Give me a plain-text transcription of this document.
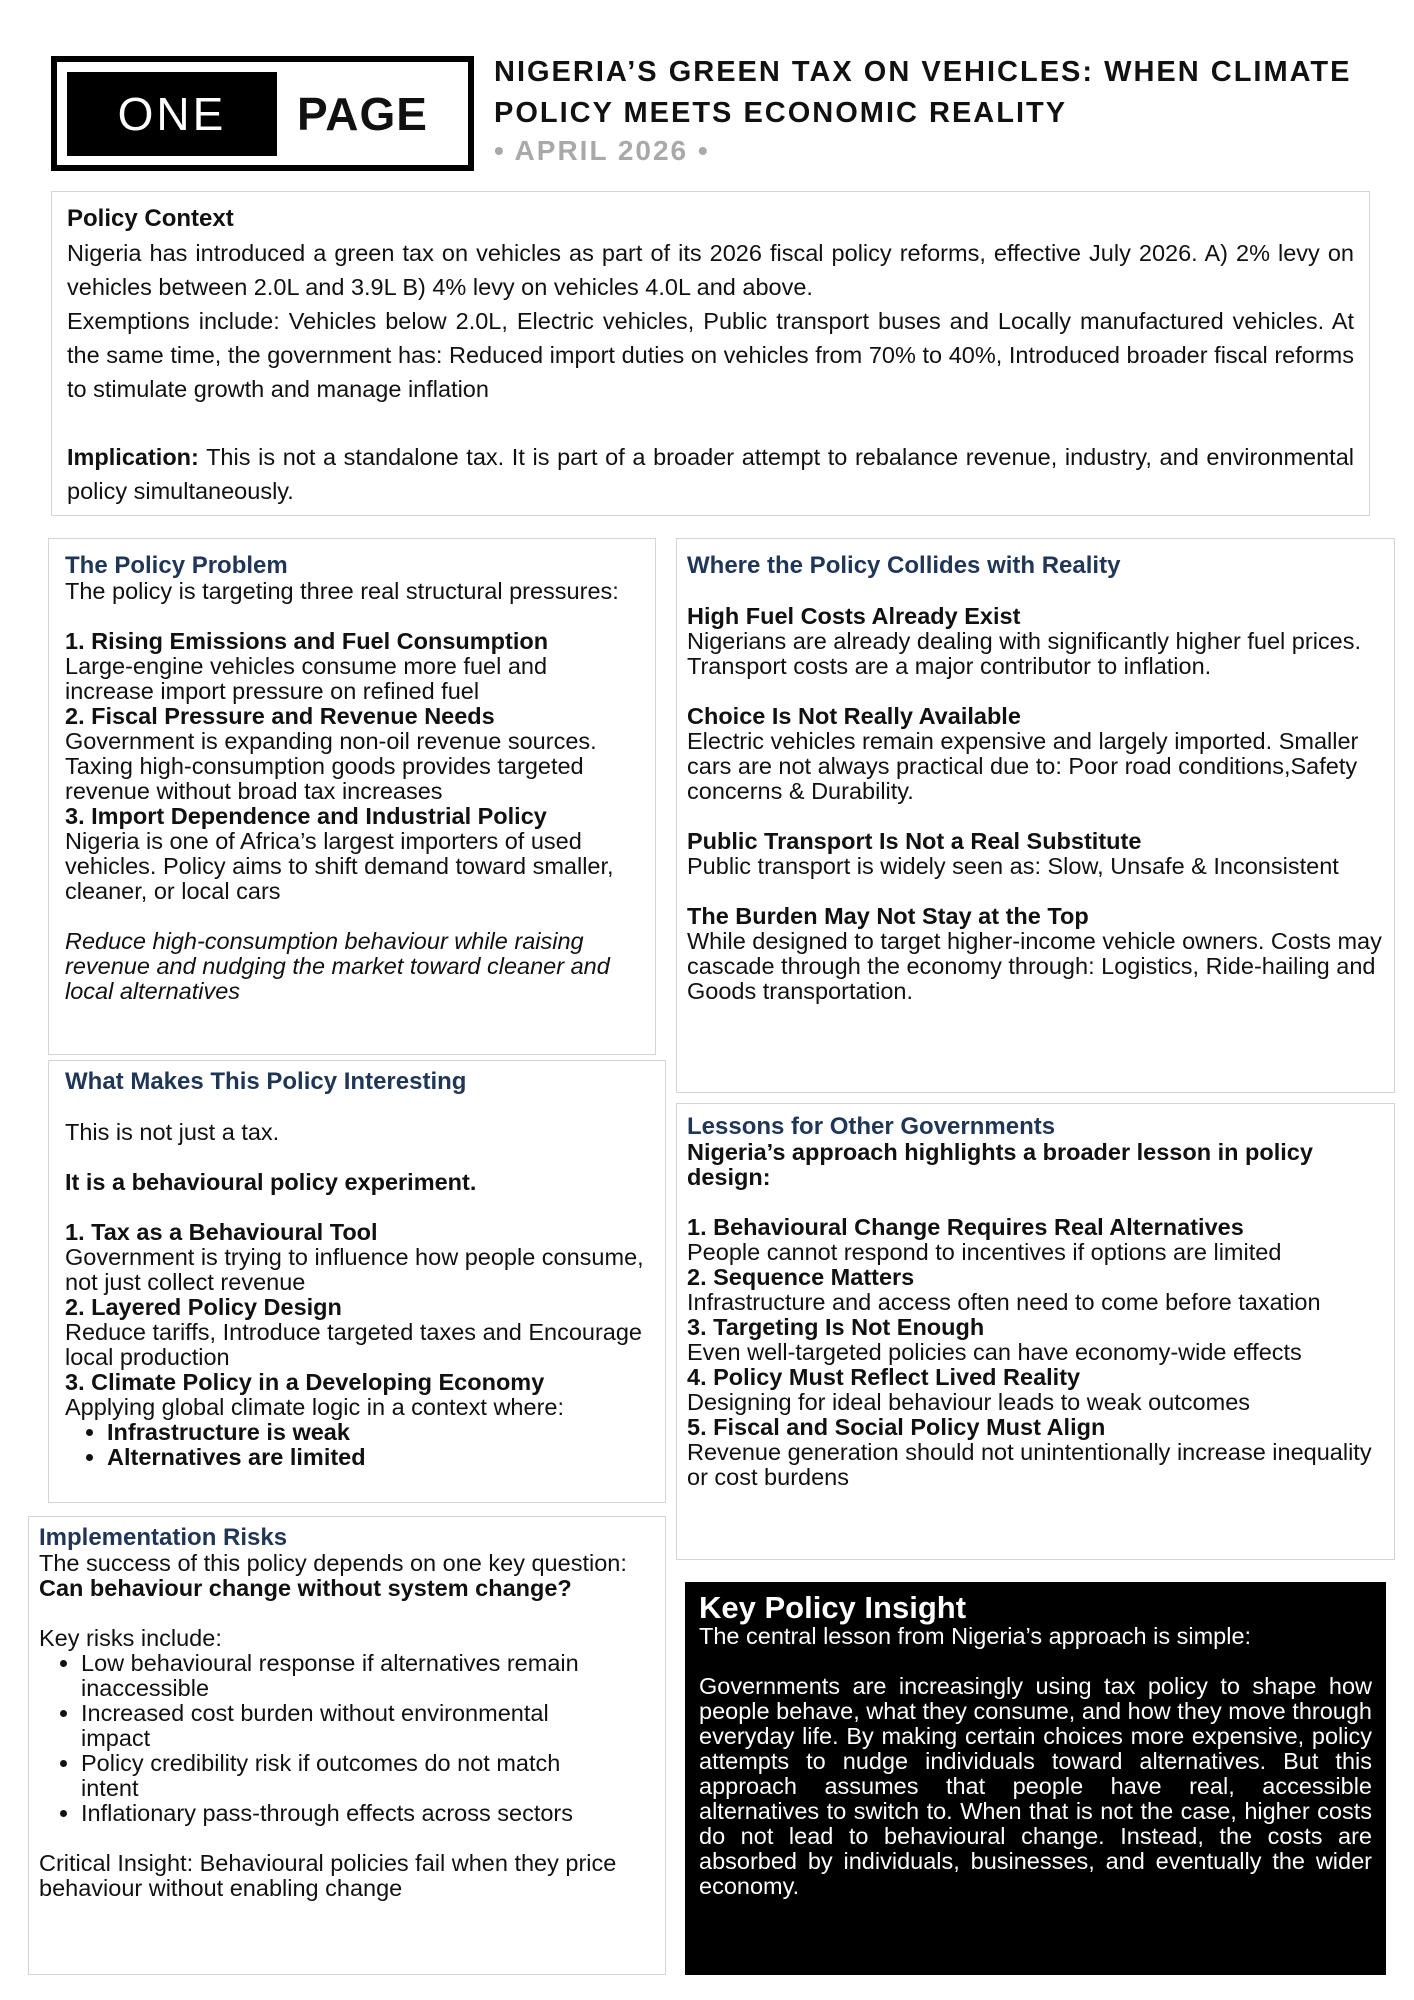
ONE	PAGE
NIGERIA’S GREEN TAX ON VEHICLES: WHEN CLIMATE POLICY MEETS ECONOMIC REALITY
• APRIL 2026 •
Policy Context

Nigeria has introduced a green tax on vehicles as part of its 2026 fiscal policy reforms, effective July 2026. A) 2% levy on vehicles between 2.0L and 3.9L B) 4% levy on vehicles 4.0L and above.

Exemptions include: Vehicles below 2.0L, Electric vehicles, Public transport buses and Locally manufactured vehicles. At the same time, the government has: Reduced import duties on vehicles from 70% to 40%, Introduced broader fiscal reforms to stimulate growth and manage inflation

Implication: This is not a standalone tax. It is part of a broader attempt to rebalance revenue, industry, and environmental policy simultaneously.

The Policy Problem

The policy is targeting three real structural pressures:

1. Rising Emissions and Fuel Consumption

Large-engine vehicles consume more fuel and increase import pressure on refined fuel

2. Fiscal Pressure and Revenue Needs

Government is expanding non-oil revenue sources. Taxing high-consumption goods provides targeted revenue without broad tax increases

3. Import Dependence and Industrial Policy

Nigeria is one of Africa’s largest importers of used vehicles. Policy aims to shift demand toward smaller, cleaner, or local cars

Reduce high-consumption behaviour while raising revenue and nudging the market toward cleaner and local alternatives

What Makes This Policy Interesting

This is not just a tax.

It is a behavioural policy experiment.

1. Tax as a Behavioural Tool

Government is trying to influence how people consume, not just collect revenue

2. Layered Policy Design

Reduce tariffs, Introduce targeted taxes and Encourage local production

3. Climate Policy in a Developing Economy

Applying global climate logic in a context where:

• Infrastructure is weak
• Alternatives are limited
Implementation Risks

The success of this policy depends on one key question: Can behaviour change without system change?

Key risks include:

• Low behavioural response if alternatives remain inaccessible
• Increased cost burden without environmental impact
• Policy credibility risk if outcomes do not match intent
• Inflationary pass-through effects across sectors

Critical Insight: Behavioural policies fail when they price behaviour without enabling change

Where the Policy Collides with Reality

High Fuel Costs Already Exist

Nigerians are already dealing with significantly higher fuel prices. Transport costs are a major contributor to inflation.

Choice Is Not Really Available

Electric vehicles remain expensive and largely imported. Smaller cars are not always practical due to: Poor road conditions,Safety concerns & Durability.

Public Transport Is Not a Real Substitute

Public transport is widely seen as: Slow, Unsafe & Inconsistent

The Burden May Not Stay at the Top

While designed to target higher-income vehicle owners. Costs may cascade through the economy through: Logistics, Ride-hailing and Goods transportation.

Lessons for Other Governments

Nigeria’s approach highlights a broader lesson in policy design:

1. Behavioural Change Requires Real Alternatives

People cannot respond to incentives if options are limited

2. Sequence Matters

Infrastructure and access often need to come before taxation

3. Targeting Is Not Enough

Even well-targeted policies can have economy-wide effects

4. Policy Must Reflect Lived Reality

Designing for ideal behaviour leads to weak outcomes

5. Fiscal and Social Policy Must Align

Revenue generation should not unintentionally increase inequality or cost burdens

Key Policy Insight

The central lesson from Nigeria’s approach is simple:

Governments are increasingly using tax policy to shape how people behave, what they consume, and how they move through everyday life. By making certain choices more expensive, policy attempts to nudge individuals toward alternatives. But this approach assumes that people have real, accessible alternatives to switch to. When that is not the case, higher costs do not lead to behavioural change. Instead, the costs are absorbed by individuals, businesses, and eventually the wider economy.
